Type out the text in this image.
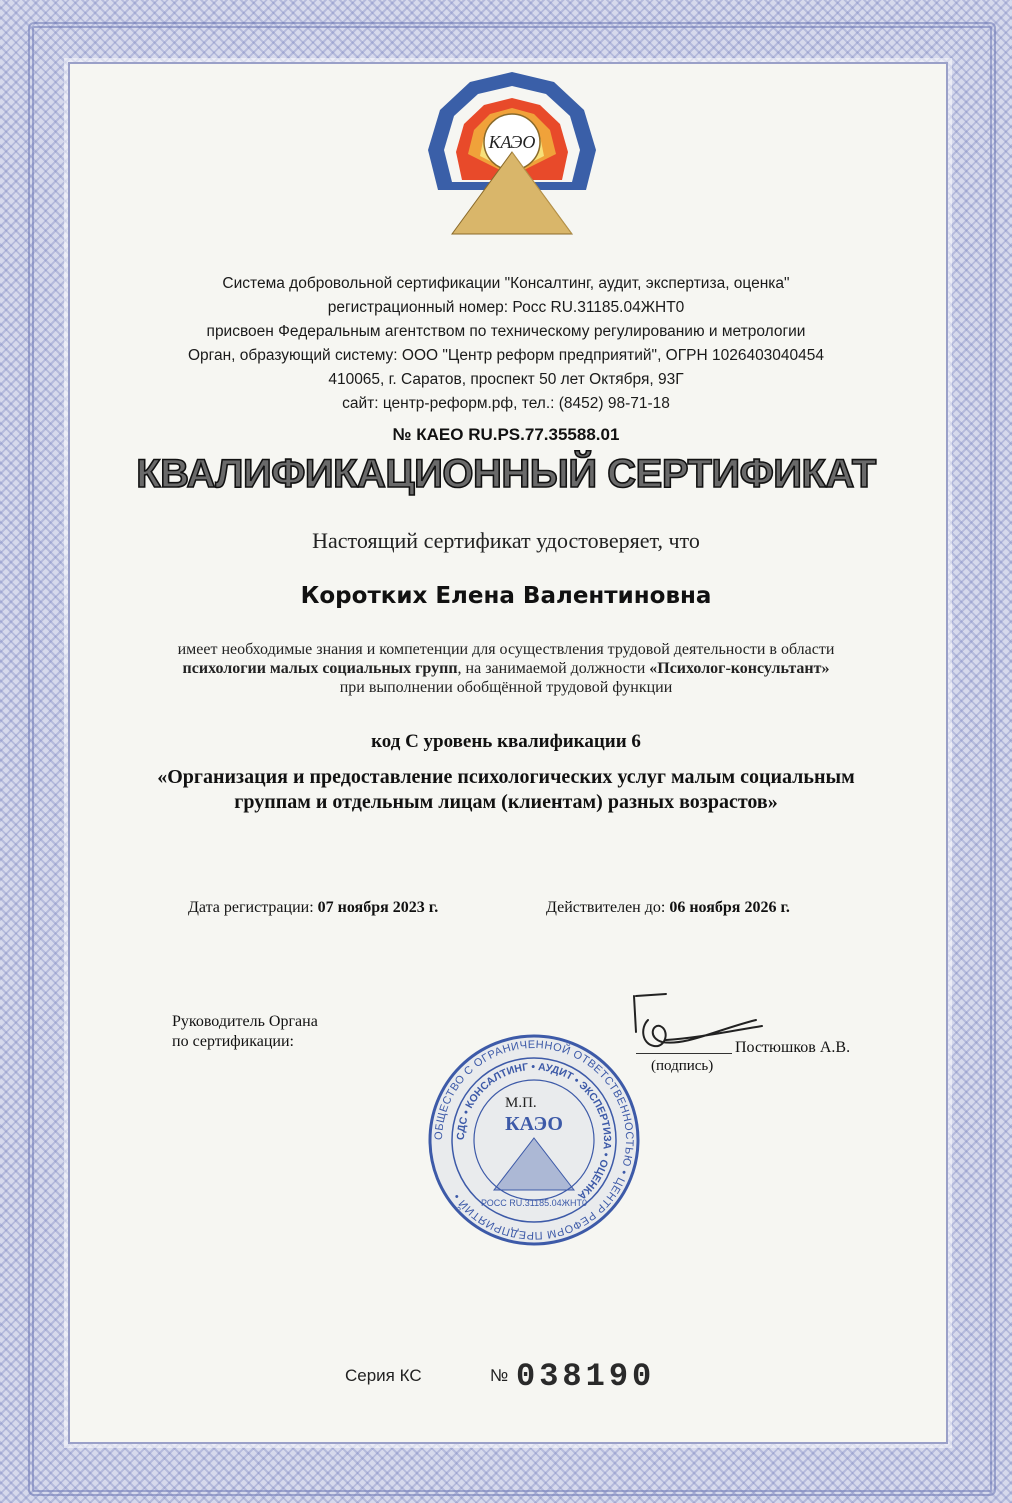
КАЭО
Система добровольной сертификации "Консалтинг, аудит, экспертиза, оценка"
регистрационный номер: Росс RU.31185.04ЖНТ0
присвоен Федеральным агентством по техническому регулированию и метрологии
Орган, образующий систему: ООО "Центр реформ предприятий", ОГРН 1026403040454
410065, г. Саратов, проспект 50 лет Октября, 93Г
сайт: центр-реформ.рф, тел.: (8452) 98-71-18
№ КАЕО RU.PS.77.35588.01
КВАЛИФИКАЦИОННЫЙ СЕРТИФИКАТ
Настоящий сертификат удостоверяет, что
Коротких Елена Валентиновна
имеет необходимые знания и компетенции для осуществления трудовой деятельности в области психологии малых социальных групп, на занимаемой должности «Психолог-консультант» при выполнении обобщённой трудовой функции
код C уровень квалификации 6
«Организация и предоставление психологических услуг малым социальным группам и отдельным лицам (клиентам) разных возрастов»
Дата регистрации: 07 ноября 2023 г.	Действителен до: 06 ноября 2026 г.
Руководитель Органа
по сертификации:
ОБЩЕСТВО С ОГРАНИЧЕННОЙ ОТВЕТСТВЕННОСТЬЮ • ЦЕНТР РЕФОРМ ПРЕДПРИЯТИЙ •
СДС • КОНСАЛТИНГ • АУДИТ • ЭКСПЕРТИЗА • ОЦЕНКА
КАЭО
РОСС RU.31185.04ЖНТ0
М.П.
Постюшков А.В.
(подпись)
Серия КС	№ 038190
